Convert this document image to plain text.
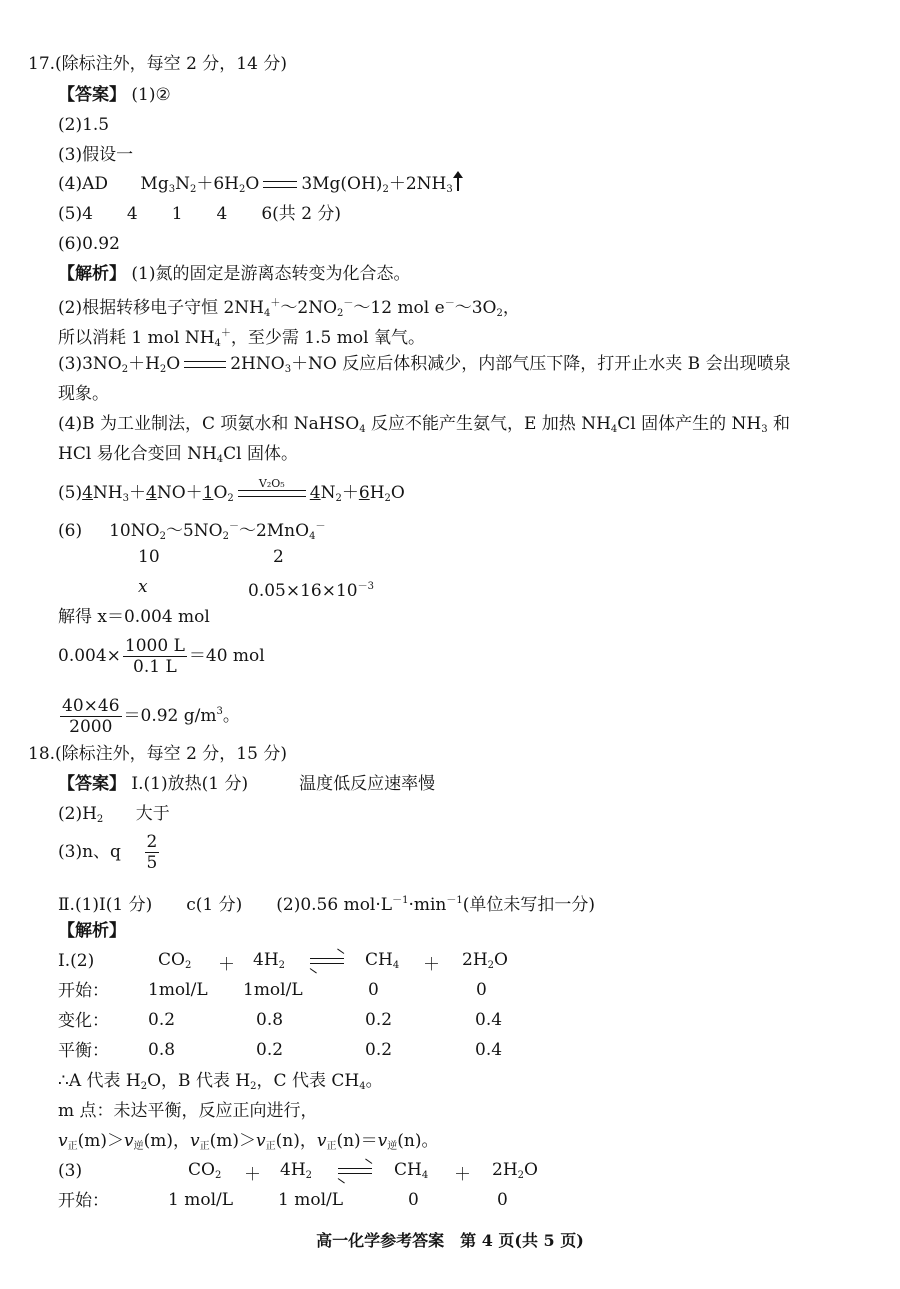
17.(除标注外，每空 2 分，14 分)
【答案】 (1)②
(2)1.5
(3)假设一
(4)AD      $Mg_3N_2+6H_2O$ $3Mg(OH)_2+2NH_3$
(5)4　　4　　1　　4　　6(共 2 分)
(6)0.92
【解析】 (1)氮的固定是游离态转变为化合态。
(2)根据转移电子守恒 $2NH_4^+\sim 2NO_2^-\sim 12$ mol $e^-\sim 3O_2$，
所以消耗 1 mol $NH_4^+$，至少需 1.5 mol 氧气。
$(3)3NO_2+H_2O$	$2HNO_3+NO$ 反应后体积减少，内部气压下降，打开止水夹 B 会出现喷泉
现象。
(4)B 为工业制法，C 项氨水和 NaHSO$_4$ 反应不能产生氨气，E 加热 $NH_4Cl$ 固体产生的 $NH_3$ 和
HCl 易化合变回 $NH_4Cl$ 固体。
$(5)4NH_3+4NO+1O_2$
V₂O₅	$4N_2+6H_2O$
(6)     $10NO_2\sim 5NO_2^-\sim 2MnO_4^-$
10	2
x	$0.05\times 16\times 10^{-3}$
解得 x＝0.004 mol
$0.004\times \frac{1000 L}{0.1 L} =40$ mol
$\frac{40\times 46}{2000} =0.92$ $g/m^3$。
18.(除标注外，每空 2 分，15 分)
【答案】 Ⅰ.(1)放热(1 分)　　　温度低反应速率慢
$(2)H_2$ 大于
(3)n、q $\frac{2}{5}$
Ⅱ.(1)Ⅰ(1 分)　　c(1 分)　　(2)0.56 $mol\cdot L^{-1}\cdot\min^{-1}$(单位未写扣一分)
【解析】
Ⅰ.(2)	$CO_2 + 4H_2$	$CH_4 + 2H_2O$
开始： 1mol/L 1mol/L	0	0
变化： 0.2	0.8	0.2	0.4
平衡： 0.8	0.2	0.2	0.4
∴A 代表 $H_2O$，B 代表 $H_2$，C 代表 $CH_4$。
m 点：未达平衡，反应正向进行，
$v_正(m)>v_逆(m)$，$v_正(m)>v_正(n)$，$v_正(n)=v_逆(n)$。
(3)	$CO_2 + 4H_2$	$CH_4 + 2H_2O$
开始：	1 mol/L	1 mol/L	0	0
高一化学参考答案　第 4 页(共 5 页)
